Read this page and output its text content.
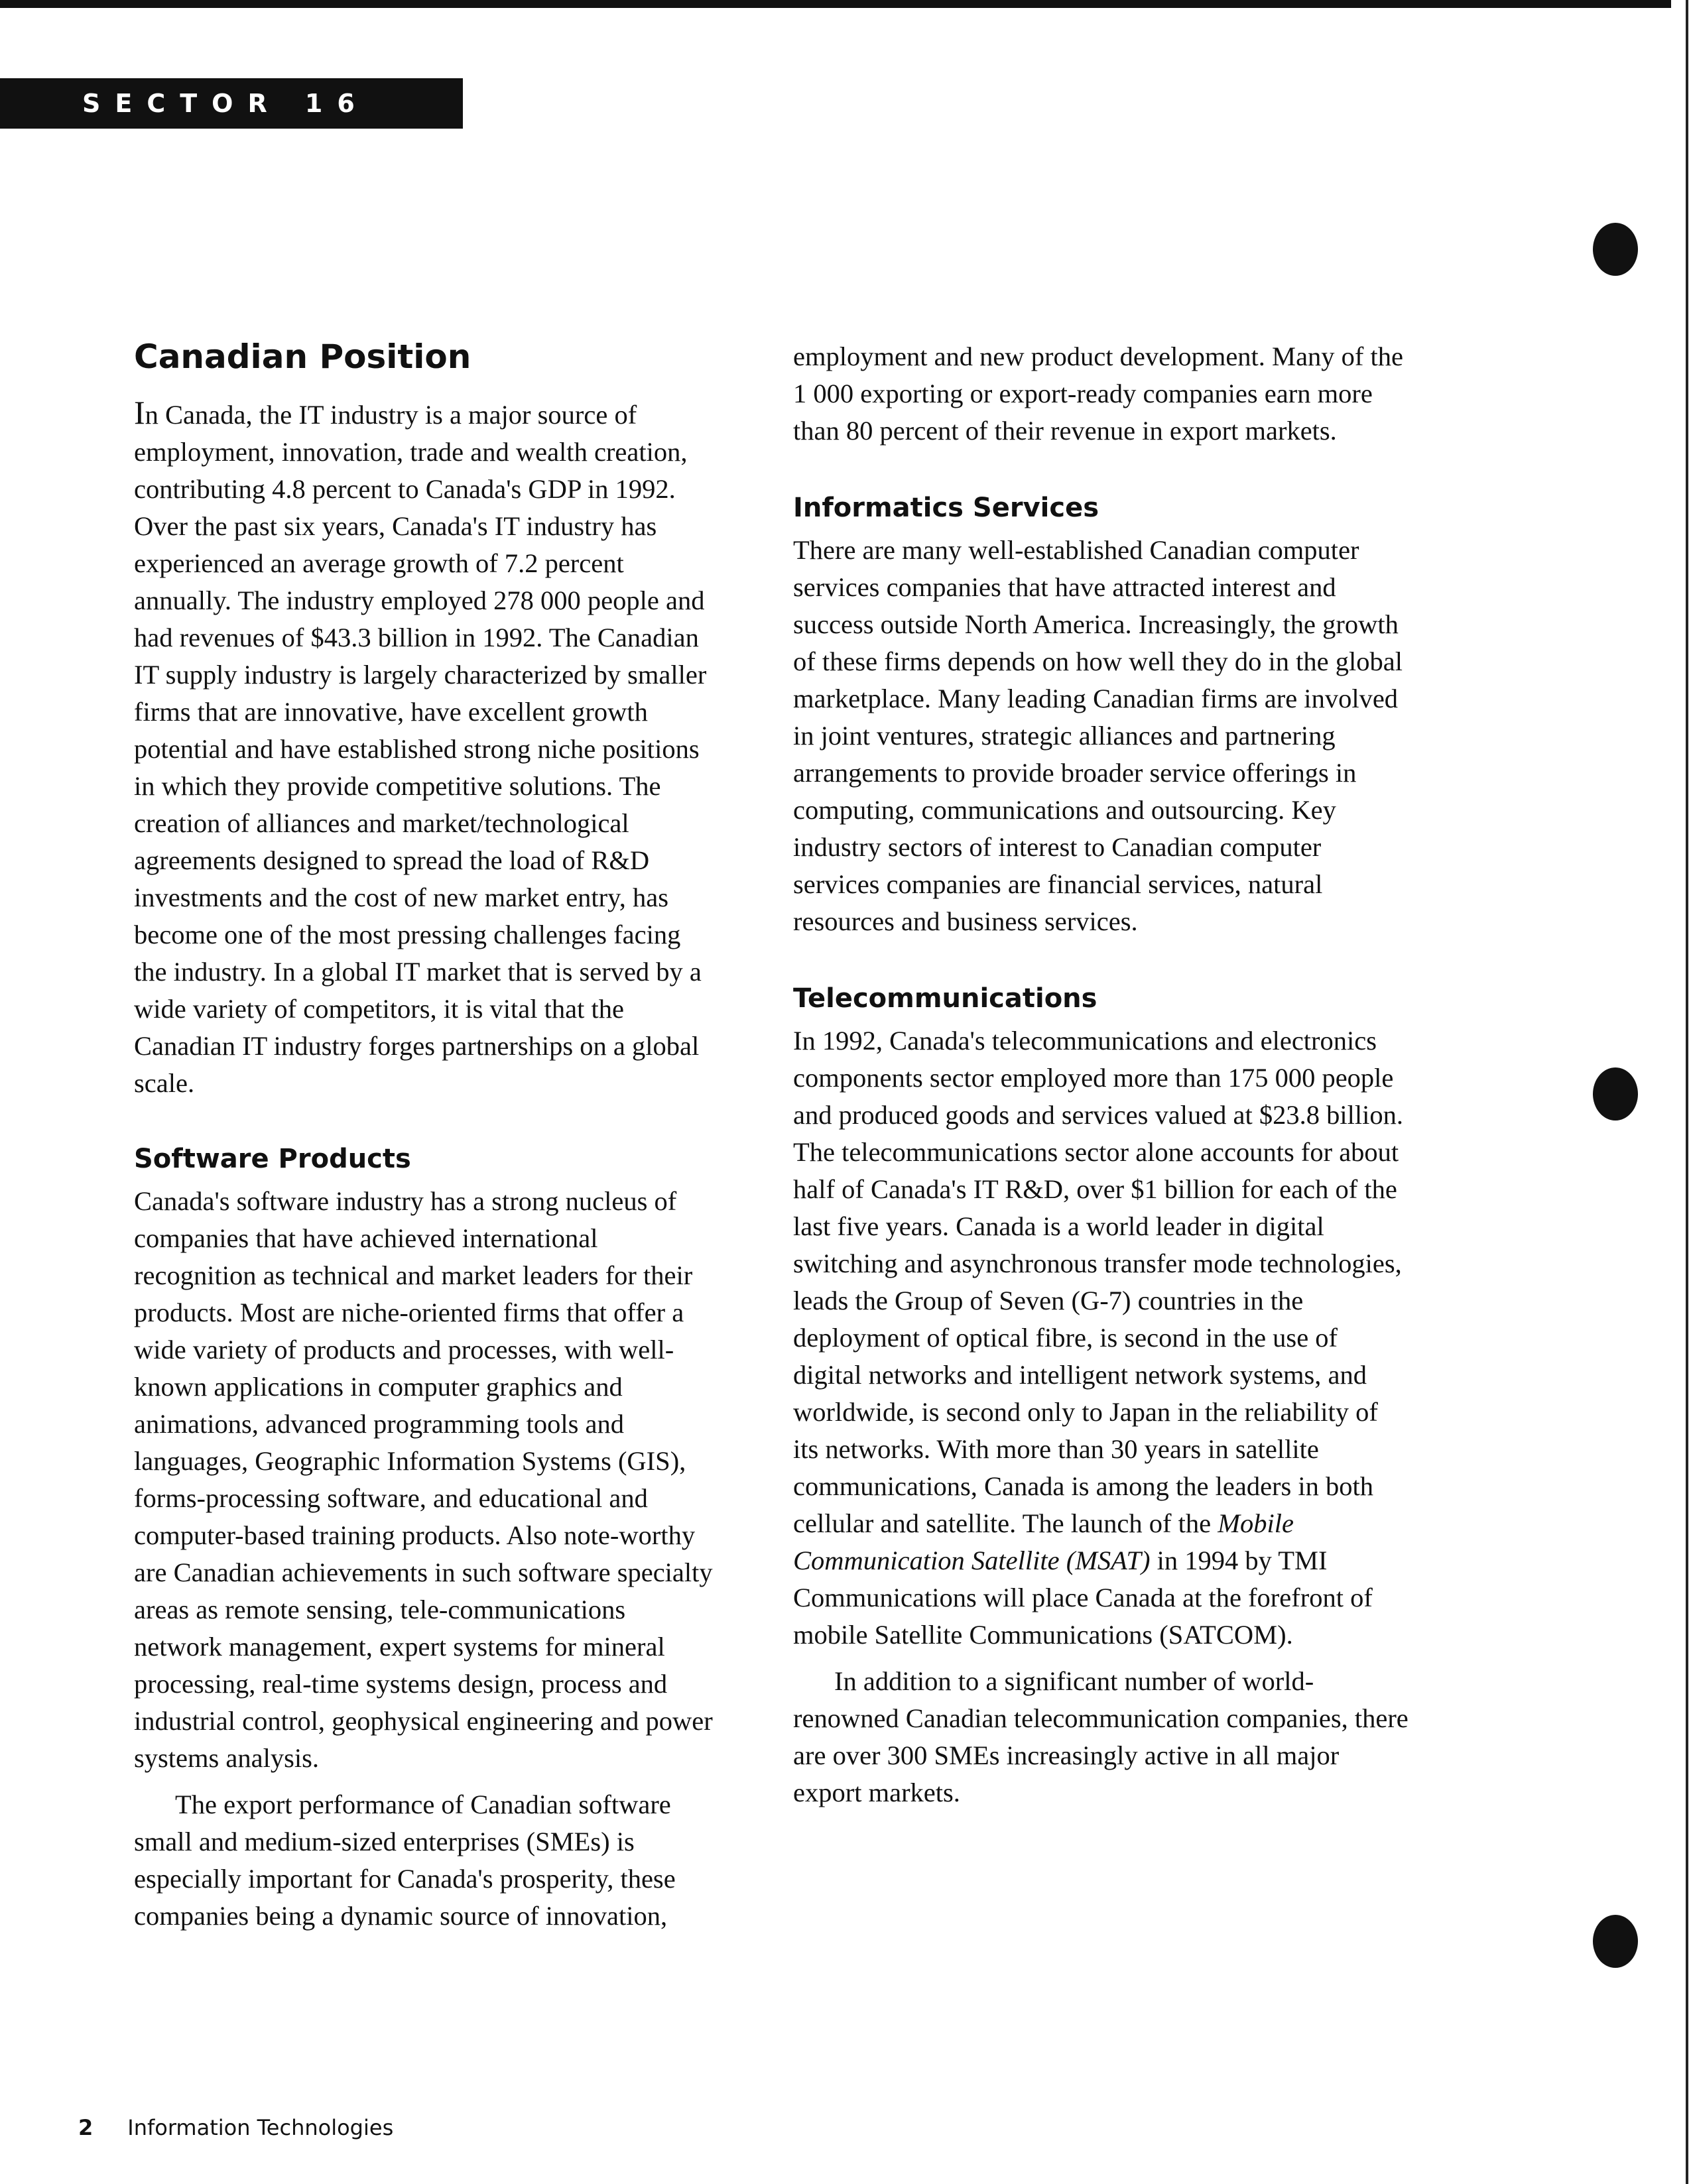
SECTOR 16
Canadian Position

In Canada, the IT industry is a major source of employment, innovation, trade and wealth creation, contributing 4.8 percent to Canada's GDP in 1992. Over the past six years, Canada's IT industry has experienced an average growth of 7.2 percent annually. The industry employed 278 000 people and had revenues of $43.3 billion in 1992. The Canadian IT supply industry is largely characterized by smaller firms that are innovative, have excellent growth potential and have established strong niche positions in which they provide competitive solutions. The creation of alliances and market/technological agreements designed to spread the load of R&D investments and the cost of new market entry, has become one of the most pressing challenges facing the industry. In a global IT market that is served by a wide variety of competitors, it is vital that the Canadian IT industry forges partnerships on a global scale.

Software Products

Canada's software industry has a strong nucleus of companies that have achieved international recognition as technical and market leaders for their products. Most are niche-oriented firms that offer a wide variety of products and processes, with well-known applications in computer graphics and animations, advanced programming tools and languages, Geographic Information Systems (GIS), forms-processing software, and educational and computer-based training products. Also note-worthy are Canadian achievements in such software specialty areas as remote sensing, tele-communications network management, expert systems for mineral processing, real-time systems design, process and industrial control, geophysical engineering and power systems analysis.

The export performance of Canadian software small and medium-sized enterprises (SMEs) is especially important for Canada's prosperity, these companies being a dynamic source of innovation,

employment and new product development. Many of the 1 000 exporting or export-ready companies earn more than 80 percent of their revenue in export markets.

Informatics Services

There are many well-established Canadian computer services companies that have attracted interest and success outside North America. Increasingly, the growth of these firms depends on how well they do in the global marketplace. Many leading Canadian firms are involved in joint ventures, strategic alliances and partnering arrangements to provide broader service offerings in computing, communications and outsourcing. Key industry sectors of interest to Canadian computer services companies are financial services, natural resources and business services.

Telecommunications

In 1992, Canada's telecommunications and electronics components sector employed more than 175 000 people and produced goods and services valued at $23.8 billion. The telecommunications sector alone accounts for about half of Canada's IT R&D, over $1 billion for each of the last five years. Canada is a world leader in digital switching and asynchronous transfer mode technologies, leads the Group of Seven (G-7) countries in the deployment of optical fibre, is second in the use of digital networks and intelligent network systems, and worldwide, is second only to Japan in the reliability of its networks. With more than 30 years in satellite communications, Canada is among the leaders in both cellular and satellite. The launch of the Mobile Communication Satellite (MSAT) in 1994 by TMI Communications will place Canada at the forefront of mobile Satellite Communications (SATCOM).

In addition to a significant number of world-renowned Canadian telecommunication companies, there are over 300 SMEs increasingly active in all major export markets.

2 Information Technologies
